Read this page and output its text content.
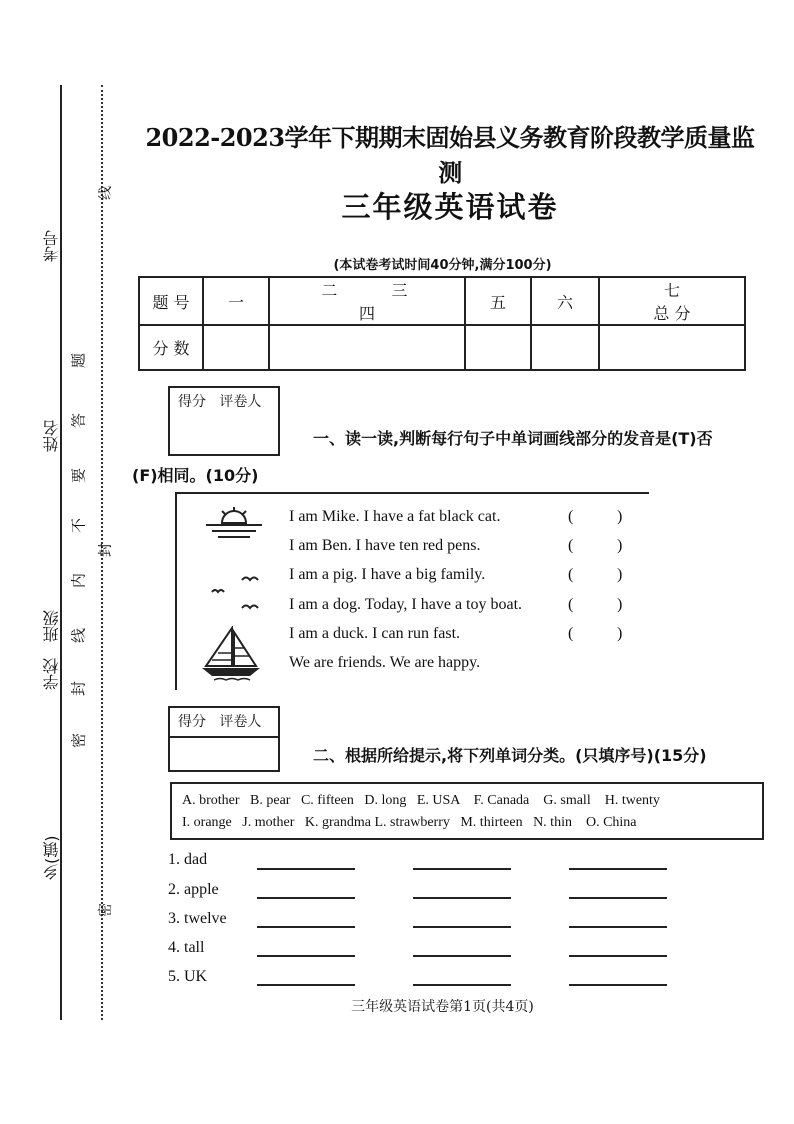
考号
姓名
学校　班级
乡(镇)
线
封
密
题
答
要
不
内
线
封
密
2022-2023学年下期期末固始县义务教育阶段教学质量监测
三年级英语试卷
(本试卷考试时间40分钟,满分100分)
题 号	一	二 三 四	五	六	七 总 分
分 数					
得分 评卷人
一、读一读,判断每行句子中单词画线部分的发音是(T)否
(F)相同。(10分)
I am Mike. I have a fat black cat.	(	)
I am Ben. I have ten red pens.	(	)
I am a pig. I have a big family.	(	)
I am a dog. Today, I have a toy boat.	(	)
I am a duck. I can run fast.	(	)
We are friends. We are happy.
得分 评卷人
二、根据所给提示,将下列单词分类。(只填序号)(15分)
A. brother   B. pear   C. fifteen   D. long   E. USA    F. Canada    G. small    H. twenty
I. orange   J. mother   K. grandma L. strawberry   M. thirteen   N. thin    O. China
1. dad
2. apple
3. twelve
4. tall
5. UK
三年级英语试卷第1页(共4页)
